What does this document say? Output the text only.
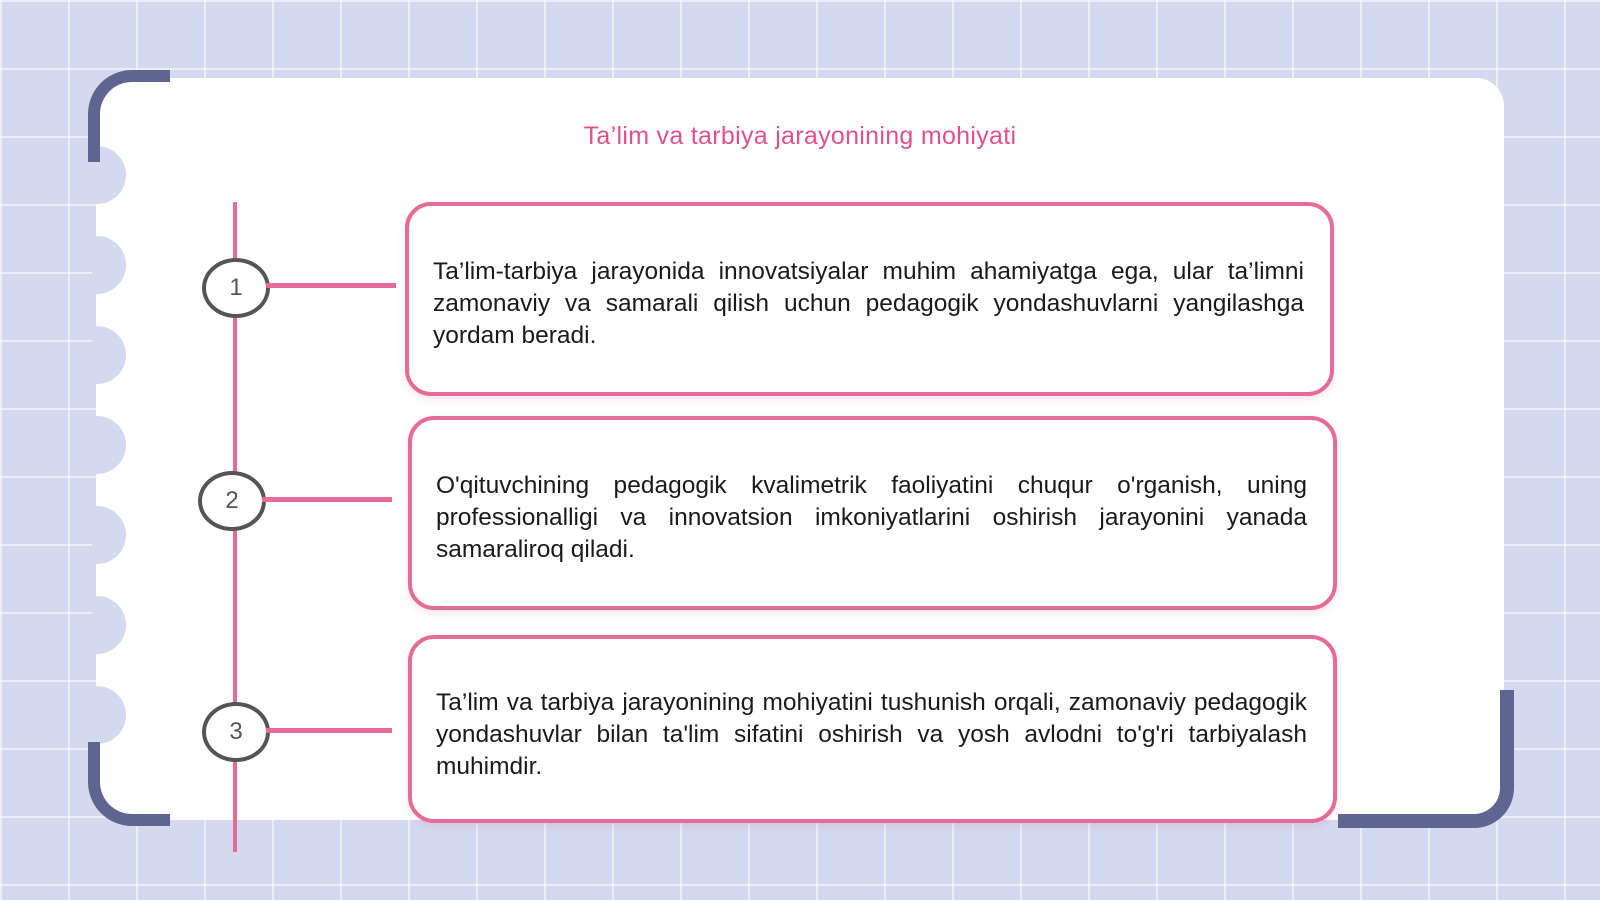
Ta’lim va tarbiya jarayonining mohiyati
1

Ta’lim-tarbiya jarayonida innovatsiyalar muhim ahamiyatga ega, ular ta’limni zamonaviy va samarali qilish uchun pedagogik yondashuvlarni yangilashga yordam beradi.

2

O'qituvchining pedagogik kvalimetrik faoliyatini chuqur o'rganish, uning professionalligi va innovatsion imkoniyatlarini oshirish jarayonini yanada samaraliroq qiladi.

3

Ta’lim va tarbiya jarayonining mohiyatini tushunish orqali, zamonaviy pedagogik yondashuvlar bilan ta'lim sifatini oshirish va yosh avlodni to'g'ri tarbiyalash muhimdir.
